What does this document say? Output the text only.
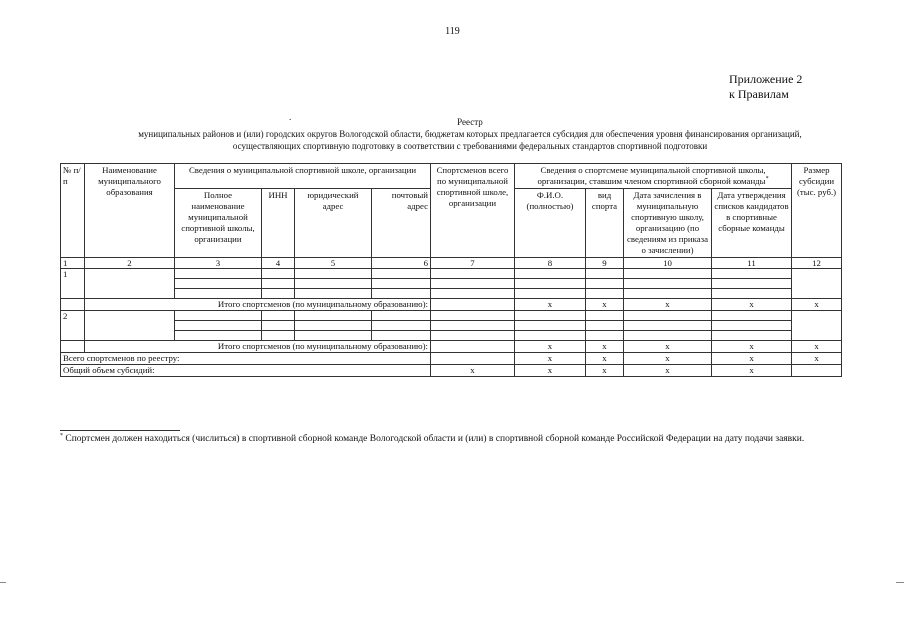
119
Приложение 2
к Правилам
.	Реестр
муниципальных районов и (или) городских округов Вологодской области, бюджетам которых предлагается субсидия для обеспечения уровня финансирования организаций,
осуществляющих спортивную подготовку в соответствии с требованиями федеральных стандартов спортивной подготовки
№ п/п	Наименование муниципального образования	Сведения о муниципальной спортивной школе, организации				Спортсменов всего по муниципальной спортивной школе, организации	Сведения о спортсмене муниципальной спортивной школы, организации, ставшим членом спортивной сборной команды*				Размер субсидии (тыс. руб.)
		Полное наименование муниципальной спортивной школы, организации	ИНН	юридический адрес	почтовый адрес		Ф.И.О. (полностью)	вид спорта	Дата зачисления в муниципальную спортивную школу, организацию (по сведениям из приказа о зачислении)	Дата утверждения списков кандидатов в спортивные сборные команды	
1	2	3	4	5	6	7	8	9	10	11	12
1											

	Итого спортсменов (по муниципальному образованию):						x	x	x	x	x
2											

	Итого спортсменов (по муниципальному образованию):						x	x	x	x	x
Всего спортсменов по реестру:							x	x	x	x	x
Общий объем субсидий:						x	x	x	x	x	
* Спортсмен должен находиться (числиться) в спортивной сборной команде Вологодской области и (или) в спортивной сборной команде Российской Федерации на дату подачи заявки.
